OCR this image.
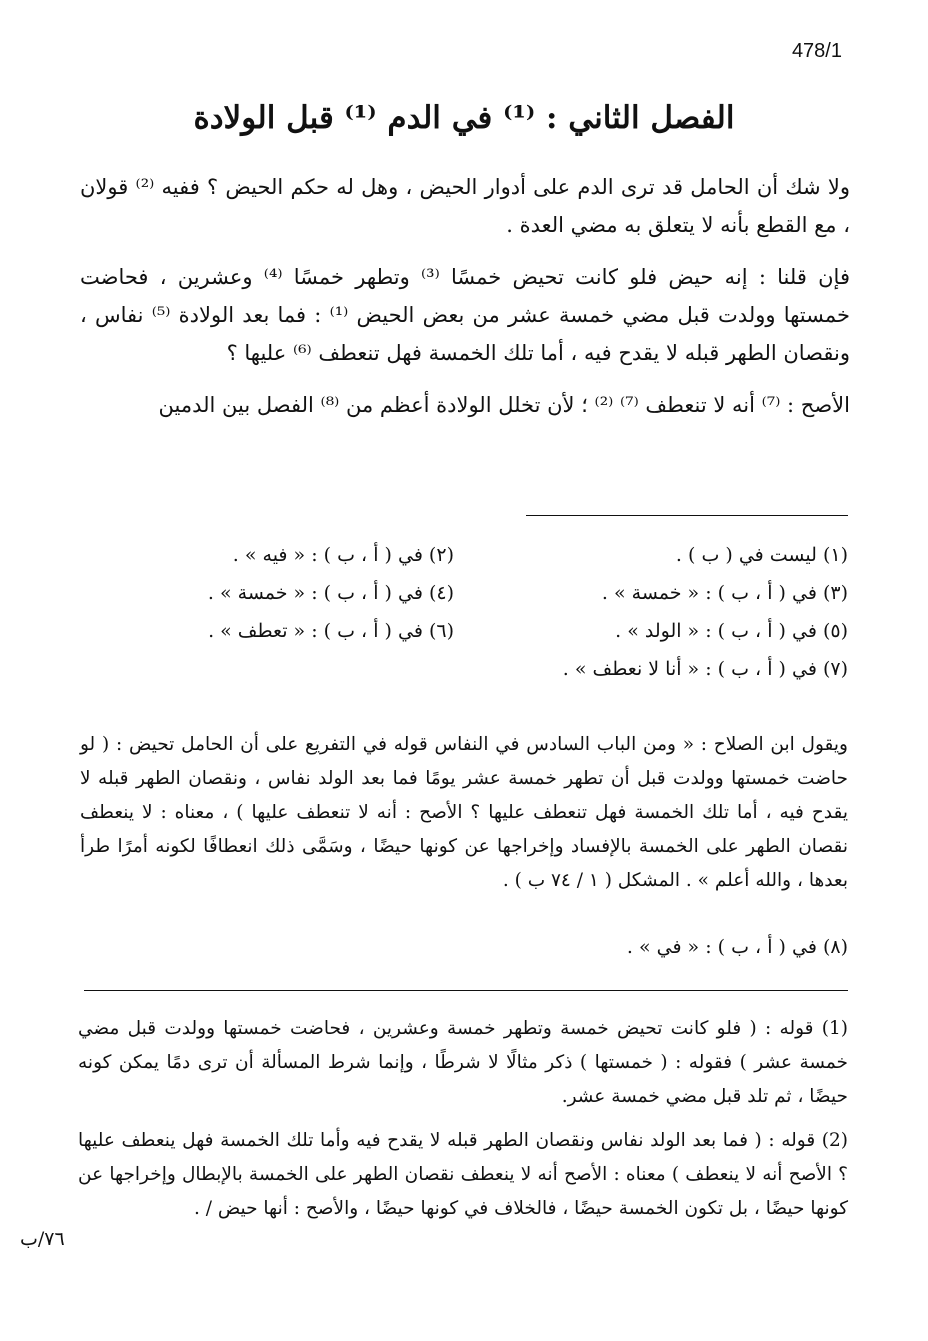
478/1
الفصل الثاني : ⁽¹⁾ في الدم ⁽¹⁾ قبل الولادة

ولا شك أن الحامل قد ترى الدم على أدوار الحيض ، وهل له حكم الحيض ؟ ففيه ⁽²⁾ قولان ، مع القطع بأنه لا يتعلق به مضي العدة .

فإن قلنا : إنه حيض فلو كانت تحيض خمسًا ⁽³⁾ وتطهر خمسًا ⁽⁴⁾ وعشرين ، فحاضت خمستها وولدت قبل مضي خمسة عشر من بعض الحيض ⁽¹⁾ : فما بعد الولادة ⁽⁵⁾ نفاس ، ونقصان الطهر قبله لا يقدح فيه ، أما تلك الخمسة فهل تنعطف ⁽⁶⁾ عليها ؟

الأصح : ⁽⁷⁾ أنه لا تنعطف ⁽⁷⁾ ⁽²⁾ ؛ لأن تخلل الولادة أعظم من ⁽⁸⁾ الفصل بين الدمين

(١) ليست في ( ب ) .
(٢) في ( أ ، ب ) : « فيه » .
(٣) في ( أ ، ب ) : « خمسة » .
(٤) في ( أ ، ب ) : « خمسة » .
(٥) في ( أ ، ب ) : « الولد » .
(٦) في ( أ ، ب ) : « تعطف » .
(٧) في ( أ ، ب ) : « أنا لا نعطف » .

ويقول ابن الصلاح : « ومن الباب السادس في النفاس قوله في التفريع على أن الحامل تحيض : ( لو حاضت خمستها وولدت قبل أن تطهر خمسة عشر يومًا فما بعد الولد نفاس ، ونقصان الطهر قبله لا يقدح فيه ، أما تلك الخمسة فهل تنعطف عليها ؟ الأصح : أنه لا تنعطف عليها ) ، معناه : لا ينعطف نقصان الطهر على الخمسة بالإفساد وإخراجها عن كونها حيضًا ، وسَمَّى ذلك انعطافًا لكونه أمرًا طرأ بعدها ، والله أعلم » . المشكل ( ١ / ٧٤ ب ) .

(٨) في ( أ ، ب ) : « في » .

(1) قوله : ( فلو كانت تحيض خمسة وتطهر خمسة وعشرين ، فحاضت خمستها وولدت قبل مضي خمسة عشر ) فقوله : ( خمستها ) ذكر مثالًا لا شرطًا ، وإنما شرط المسألة أن ترى دمًا يمكن كونه حيضًا ، ثم تلد قبل مضي خمسة عشر.

(2) قوله : ( فما بعد الولد نفاس ونقصان الطهر قبله لا يقدح فيه وأما تلك الخمسة فهل ينعطف عليها ؟ الأصح أنه لا ينعطف ) معناه : الأصح أنه لا ينعطف نقصان الطهر على الخمسة بالإبطال وإخراجها عن كونها حيضًا ، بل تكون الخمسة حيضًا ، فالخلاف في كونها حيضًا ، والأصح : أنها حيض / .

٧٦/ب
